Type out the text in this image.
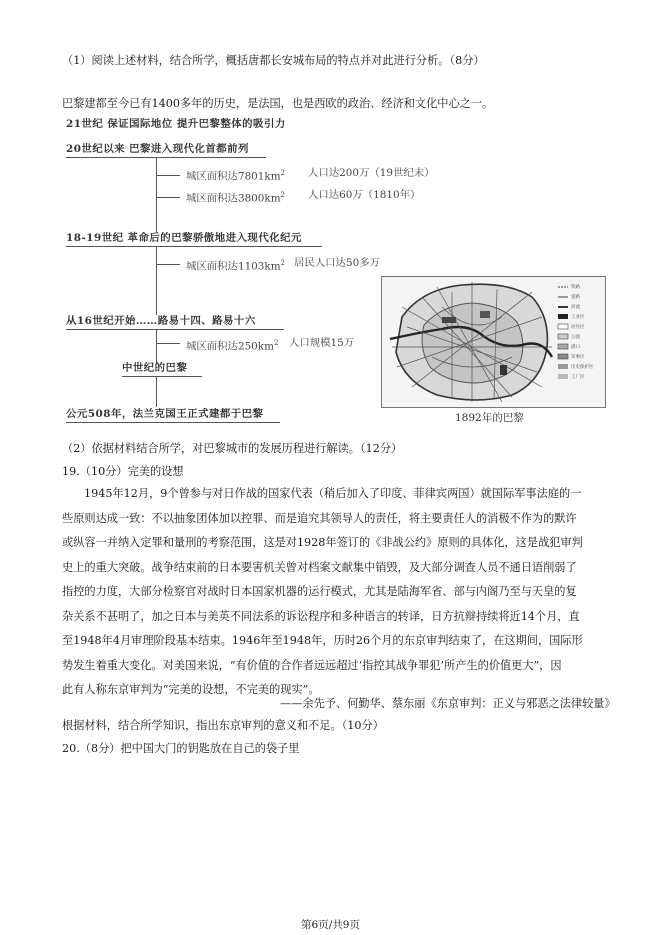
（1）阅读上述材料，结合所学，概括唐都长安城布局的特点并对此进行分析。（8分）
巴黎建都至今已有1400多年的历史，是法国，也是西欧的政治、经济和文化中心之一。
21世纪 保证国际地位 提升巴黎整体的吸引力
20世纪以来 巴黎进入现代化首都前列
城区面积达$7801km^2$ 人口达200万（19世纪末）
城区面积达$3800km^2$ 人口达60万（1810年）
18-19世纪 革命后的巴黎骄傲地进入现代化纪元
城区面积达$1103km^2$ 居民人口达50多万
从16世纪开始……路易十四、路易十六
城区面积达$250km^2$ 人口规模15万
中世纪的巴黎
公元508年，法兰克国王正式建都于巴黎
铁路
道路
河流
工业区
居住区
公园
港口
军事区
历史保护区
工厂区
1892年的巴黎
（2）依据材料结合所学，对巴黎城市的发展历程进行解读。（12分）
19.（10分）完美的设想
1945年12月，9个曾参与对日作战的国家代表（稍后加入了印度、菲律宾两国）就国际军事法庭的一
些原则达成一致：不以抽象团体加以控罪、而是追究其领导人的责任，将主要责任人的消极不作为的默许
或纵容一并纳入定罪和量刑的考察范围，这是对1928年签订的《非战公约》原则的具体化，这是战犯审判
史上的重大突破。战争结束前的日本要害机关曾对档案文献集中销毁，及大部分调查人员不通日语削弱了
指控的力度，大部分检察官对战时日本国家机器的运行模式，尤其是陆海军省、部与内阁乃至与天皇的复
杂关系不甚明了，加之日本与美英不同法系的诉讼程序和多种语言的转译，日方抗辩持续将近14个月，直
至1948年4月审理阶段基本结束。1946年至1948年，历时26个月的东京审判结束了，在这期间，国际形
势发生着重大变化。对美国来说，“有价值的合作者远远超过‘指控其战争罪犯’所产生的价值更大”，因
此有人称东京审判为“完美的设想，不完美的现实”。
——余先予、何勤华、蔡东丽《东京审判：正义与邪恶之法律较量》
根据材料，结合所学知识，指出东京审判的意义和不足。（10分）
20.（8分）把中国大门的钥匙放在自己的袋子里
第6页/共9页
